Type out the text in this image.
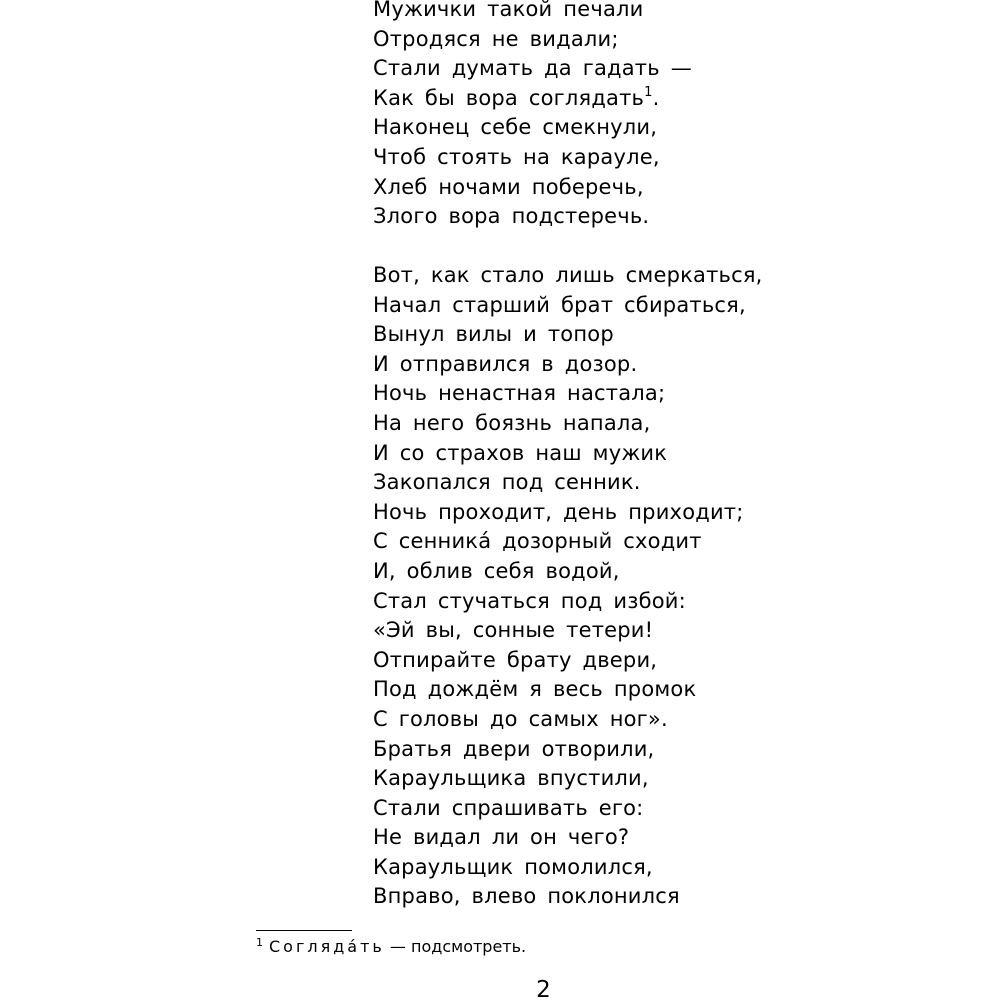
Мужички такой печали
Отродяся не видали;
Стали думать да гадать —
Как бы вора соглядать$^1$.
Наконец себе смекнули,
Чтоб стоять на карауле,
Хлеб ночами поберечь,
Злого вора подстеречь.
Вот, как стало лишь смеркаться,
Начал старший брат сбираться,
Вынул вилы и топор
И отправился в дозор.
Ночь ненастная настала;
На него боязнь напала,
И со страхов наш мужик
Закопался под сенник.
Ночь проходит, день приходит;
С сенника́ дозорный сходит
И, облив себя водой,
Стал стучаться под избой:
«Эй вы, сонные тетери!
Отпирайте брату двери,
Под дождём я весь промок
С головы до самых ног».
Братья двери отворили,
Караульщика впустили,
Стали спрашивать его:
Не видал ли он чего?
Караульщик помолился,
Вправо, влево поклонился
$^1$ Соглядáть — подсмотреть.
2
